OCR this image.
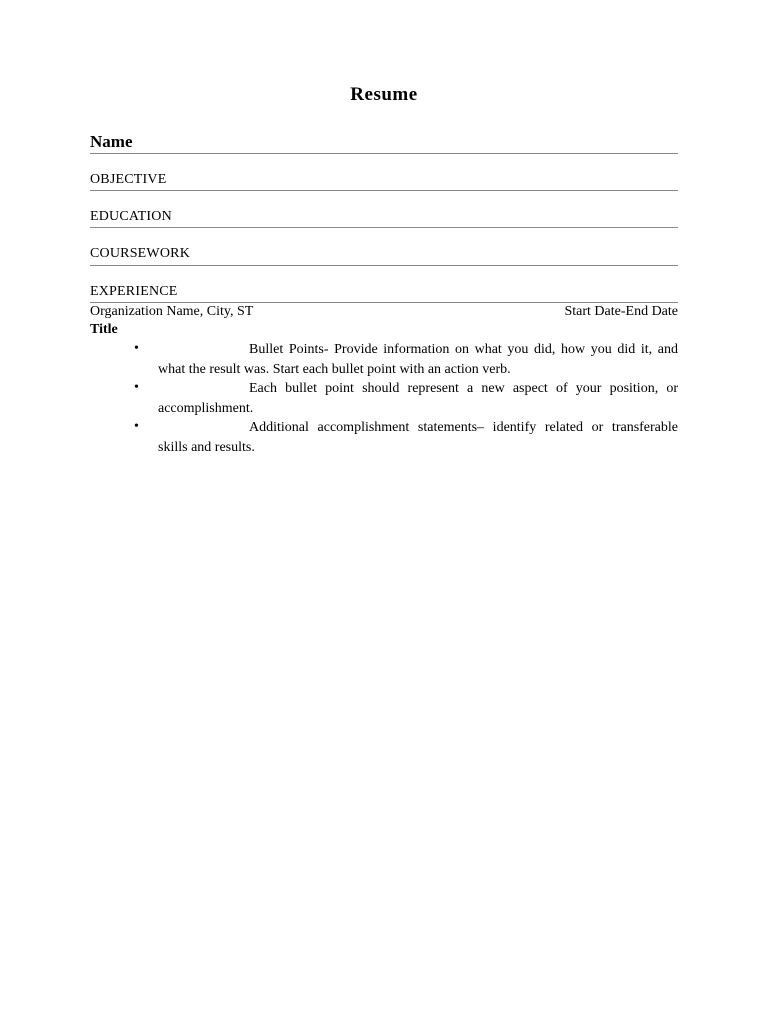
Resume
Name
OBJECTIVE
EDUCATION
COURSEWORK
EXPERIENCE
Organization Name, City, ST	Start Date-End Date
Title
•	Bullet Points- Provide information on what you did, how you did it, and what the result was. Start each bullet point with an action verb.
•	Each bullet point should represent a new aspect of your position, or accomplishment.
•	Additional accomplishment statements– identify related or transferable skills and results.
